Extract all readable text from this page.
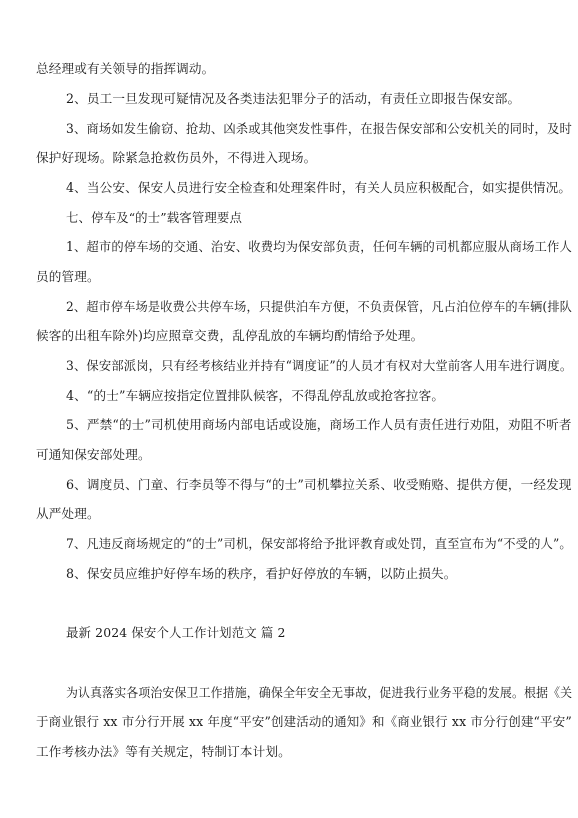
总经理或有关领导的指挥调动。
2、员工一旦发现可疑情况及各类违法犯罪分子的活动，有责任立即报告保安部。
3、商场如发生偷窃、抢劫、凶杀或其他突发性事件，在报告保安部和公安机关的同时，及时
保护好现场。除紧急抢救伤员外，不得进入现场。
4、当公安、保安人员进行安全检查和处理案件时，有关人员应积极配合，如实提供情况。
七、停车及“的士”载客管理要点
1、超市的停车场的交通、治安、收费均为保安部负责，任何车辆的司机都应服从商场工作人
员的管理。
2、超市停车场是收费公共停车场，只提供泊车方便，不负责保管，凡占泊位停车的车辆(排队
候客的出租车除外)均应照章交费，乱停乱放的车辆均酌情给予处理。
3、保安部派岗，只有经考核结业并持有“调度证”的人员才有权对大堂前客人用车进行调度。
4、“的士”车辆应按指定位置排队候客，不得乱停乱放或抢客拉客。
5、严禁“的士”司机使用商场内部电话或设施，商场工作人员有责任进行劝阻，劝阻不听者
可通知保安部处理。
6、调度员、门童、行李员等不得与“的士”司机攀拉关系、收受贿赂、提供方便，一经发现
从严处理。
7、凡违反商场规定的“的士”司机，保安部将给予批评教育或处罚，直至宣布为“不受的人”。
8、保安员应维护好停车场的秩序，看护好停放的车辆，以防止损失。
最新 2024 保安个人工作计划范文 篇 2
为认真落实各项治安保卫工作措施，确保全年安全无事故，促进我行业务平稳的发展。根据《关
于商业银行 xx 市分行开展 xx 年度“平安”创建活动的通知》和《商业银行 xx 市分行创建“平安”
工作考核办法》等有关规定，特制订本计划。
